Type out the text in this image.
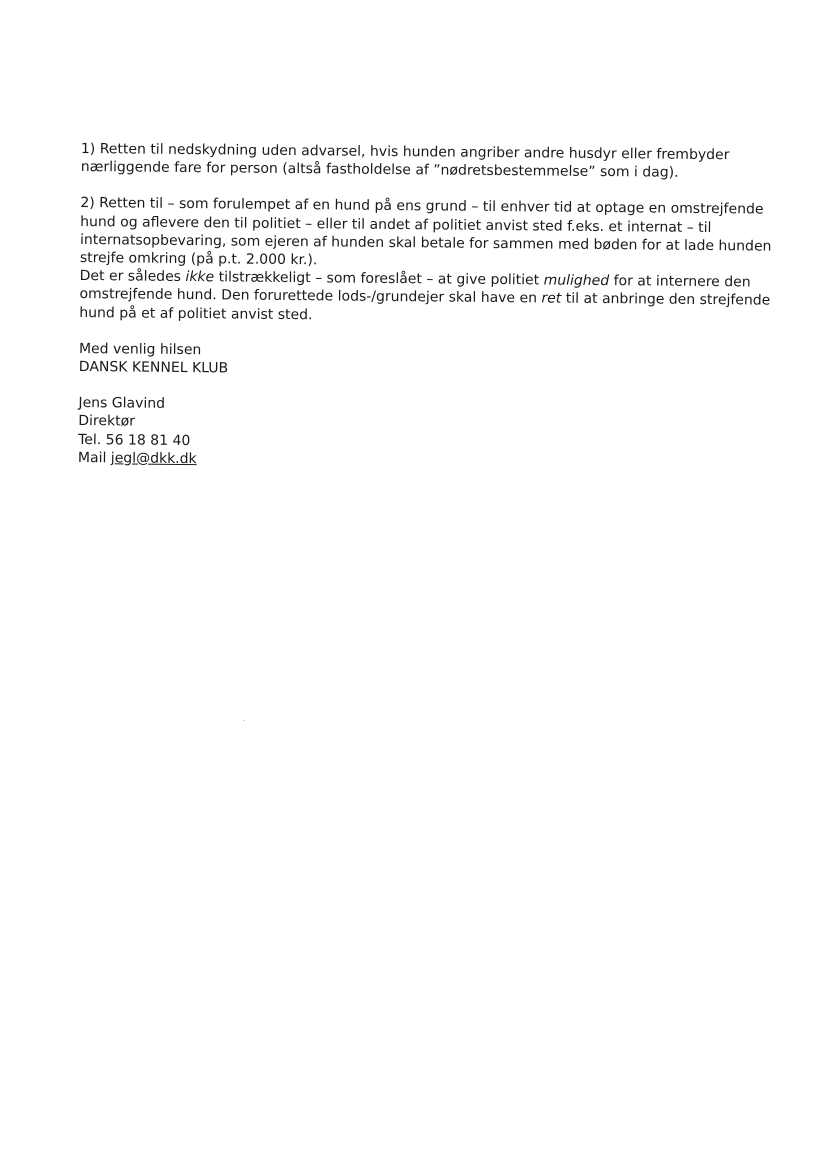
1) Retten til nedskydning uden advarsel, hvis hunden angriber andre husdyr eller frembyder

nærliggende fare for person (altså fastholdelse af ”nødretsbestemmelse” som i dag).

2) Retten til – som forulempet af en hund på ens grund – til enhver tid at optage en omstrejfende

hund og aflevere den til politiet – eller til andet af politiet anvist sted f.eks. et internat – til

internatsopbevaring, som ejeren af hunden skal betale for sammen med bøden for at lade hunden

strejfe omkring (på p.t. 2.000 kr.).

Det er således ikke tilstrækkeligt – som foreslået – at give politiet mulighed for at internere den

omstrejfende hund. Den forurettede lods-/grundejer skal have en ret til at anbringe den strejfende

hund på et af politiet anvist sted.

Med venlig hilsen

DANSK KENNEL KLUB

Jens Glavind

Direktør

Tel. 56 18 81 40

Mail jegl@dkk.dk
